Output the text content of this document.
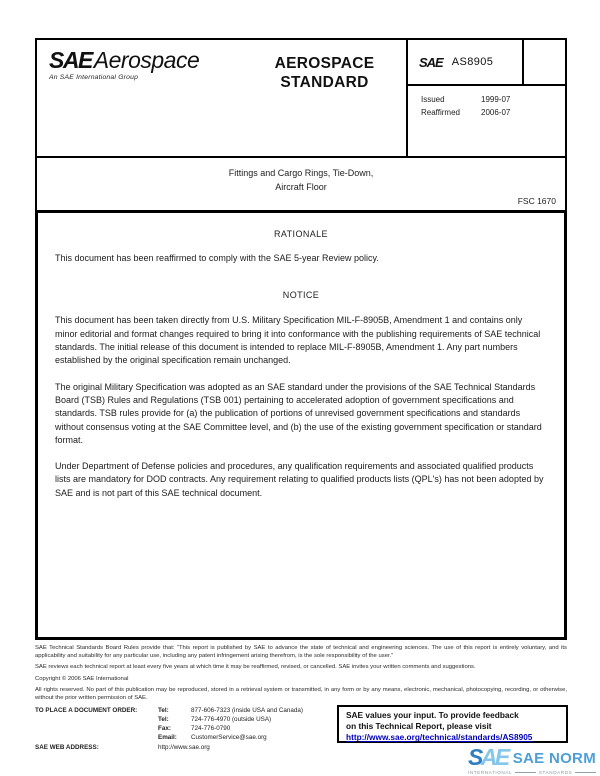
SAEAerospace
An SAE International Group
AEROSPACE
STANDARD
SAE AS8905
Issued	1999-07
Reaffirmed	2006-07
Fittings and Cargo Rings, Tie-Down,
Aircraft Floor
FSC 1670
RATIONALE

This document has been reaffirmed to comply with the SAE 5-year Review policy.

NOTICE

This document has been taken directly from U.S. Military Specification MIL-F-8905B, Amendment 1 and contains only minor editorial and format changes required to bring it into conformance with the publishing requirements of SAE technical standards. The initial release of this document is intended to replace MIL-F-8905B, Amendment 1. Any part numbers established by the original specification remain unchanged.

The original Military Specification was adopted as an SAE standard under the provisions of the SAE Technical Standards Board (TSB) Rules and Regulations (TSB 001) pertaining to accelerated adoption of government specifications and standards. TSB rules provide for (a) the publication of portions of unrevised government specifications and standards without consensus voting at the SAE Committee level, and (b) the use of the existing government specification or standard format.

Under Department of Defense policies and procedures, any qualification requirements and associated qualified products lists are mandatory for DOD contracts. Any requirement relating to qualified products lists (QPL's) has not been adopted by SAE and is not part of this SAE technical document.

SAE Technical Standards Board Rules provide that: “This report is published by SAE to advance the state of technical and engineering sciences. The use of this report is entirely voluntary, and its applicability and suitability for any particular use, including any patent infringement arising therefrom, is the sole responsibility of the user.”

SAE reviews each technical report at least every five years at which time it may be reaffirmed, revised, or cancelled. SAE invites your written comments and suggestions.

Copyright © 2006 SAE International

All rights reserved. No part of this publication may be reproduced, stored in a retrieval system or transmitted, in any form or by any means, electronic, mechanical, photocopying, recording, or otherwise, without the prior written permission of SAE.

TO PLACE A DOCUMENT ORDER:	Tel:	877-606-7323 (inside USA and Canada)
Tel:	724-776-4970 (outside USA)
Fax:	724-776-0790
Email:	CustomerService@sae.org
SAE WEB ADDRESS:	http://www.sae.org
SAE values your input. To provide feedback
on this Technical Report, please visit
http://www.sae.org/technical/standards/AS8905
SAE SAE NORM
INTERNATIONAL	STANDARDS
